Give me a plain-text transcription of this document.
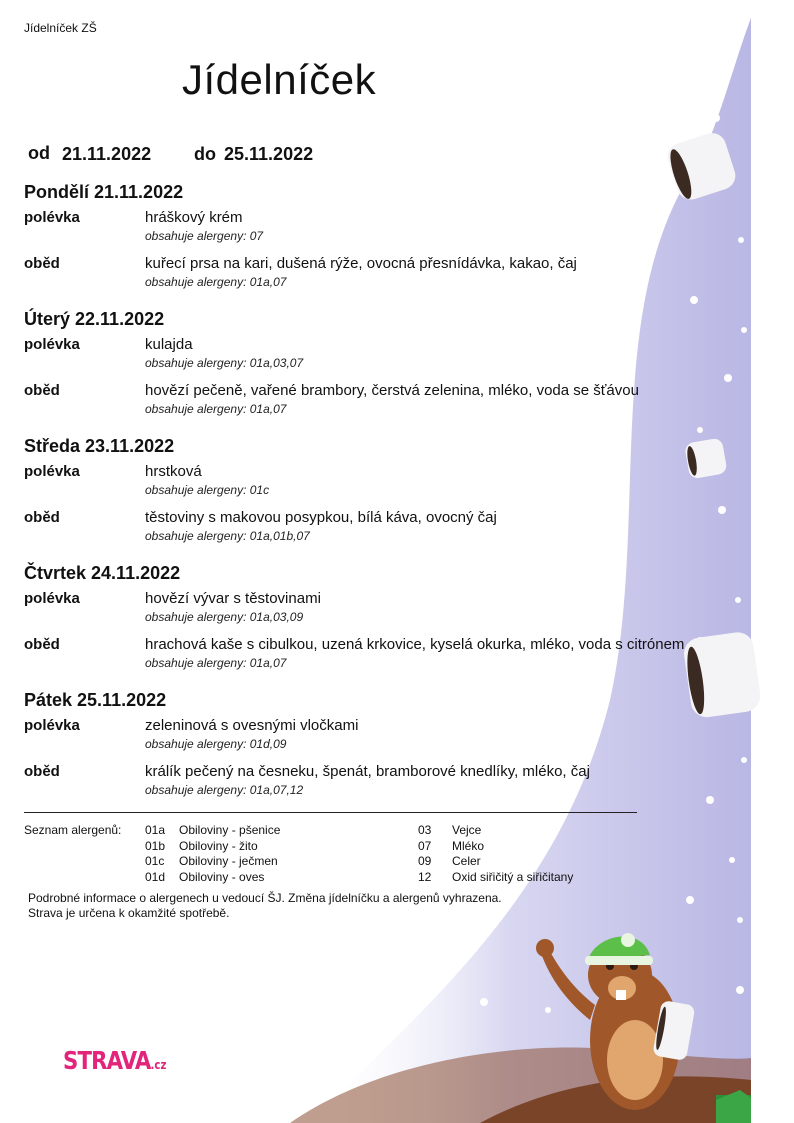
Jídelníček ZŠ
Jídelníček
od 21.11.2022 do 25.11.2022
Pondělí 21.11.2022
polévka	hráškový krém
obsahuje alergeny: 07
oběd	kuřecí prsa na kari, dušená rýže, ovocná přesnídávka, kakao, čaj
obsahuje alergeny: 01a,07
Úterý 22.11.2022
polévka	kulajda
obsahuje alergeny: 01a,03,07
oběd	hovězí pečeně, vařené brambory, čerstvá zelenina, mléko, voda se šťávou
obsahuje alergeny: 01a,07
Středa 23.11.2022
polévka	hrstková
obsahuje alergeny: 01c
oběd	těstoviny s makovou posypkou, bílá káva, ovocný čaj
obsahuje alergeny: 01a,01b,07
Čtvrtek 24.11.2022
polévka	hovězí vývar s těstovinami
obsahuje alergeny: 01a,03,09
oběd	hrachová kaše s cibulkou, uzená krkovice, kyselá okurka, mléko, voda s citrónem
obsahuje alergeny: 01a,07
Pátek 25.11.2022
polévka	zeleninová s ovesnými vločkami
obsahuje alergeny: 01d,09
oběd	králík pečený na česneku, špenát, bramborové knedlíky, mléko, čaj
obsahuje alergeny: 01a,07,12
Seznam alergenů: 01a Obiloviny - pšenice
01b Obiloviny - žito
01c Obiloviny - ječmen
01d Obiloviny - oves
03 Vejce
07 Mléko
09 Celer
12 Oxid siřičitý a siřičitany
Podrobné informace o alergenech u vedoucí ŠJ. Změna jídelníčku a alergenů vyhrazena.
Strava je určena k okamžité spotřebě.
STRAVA.cz
